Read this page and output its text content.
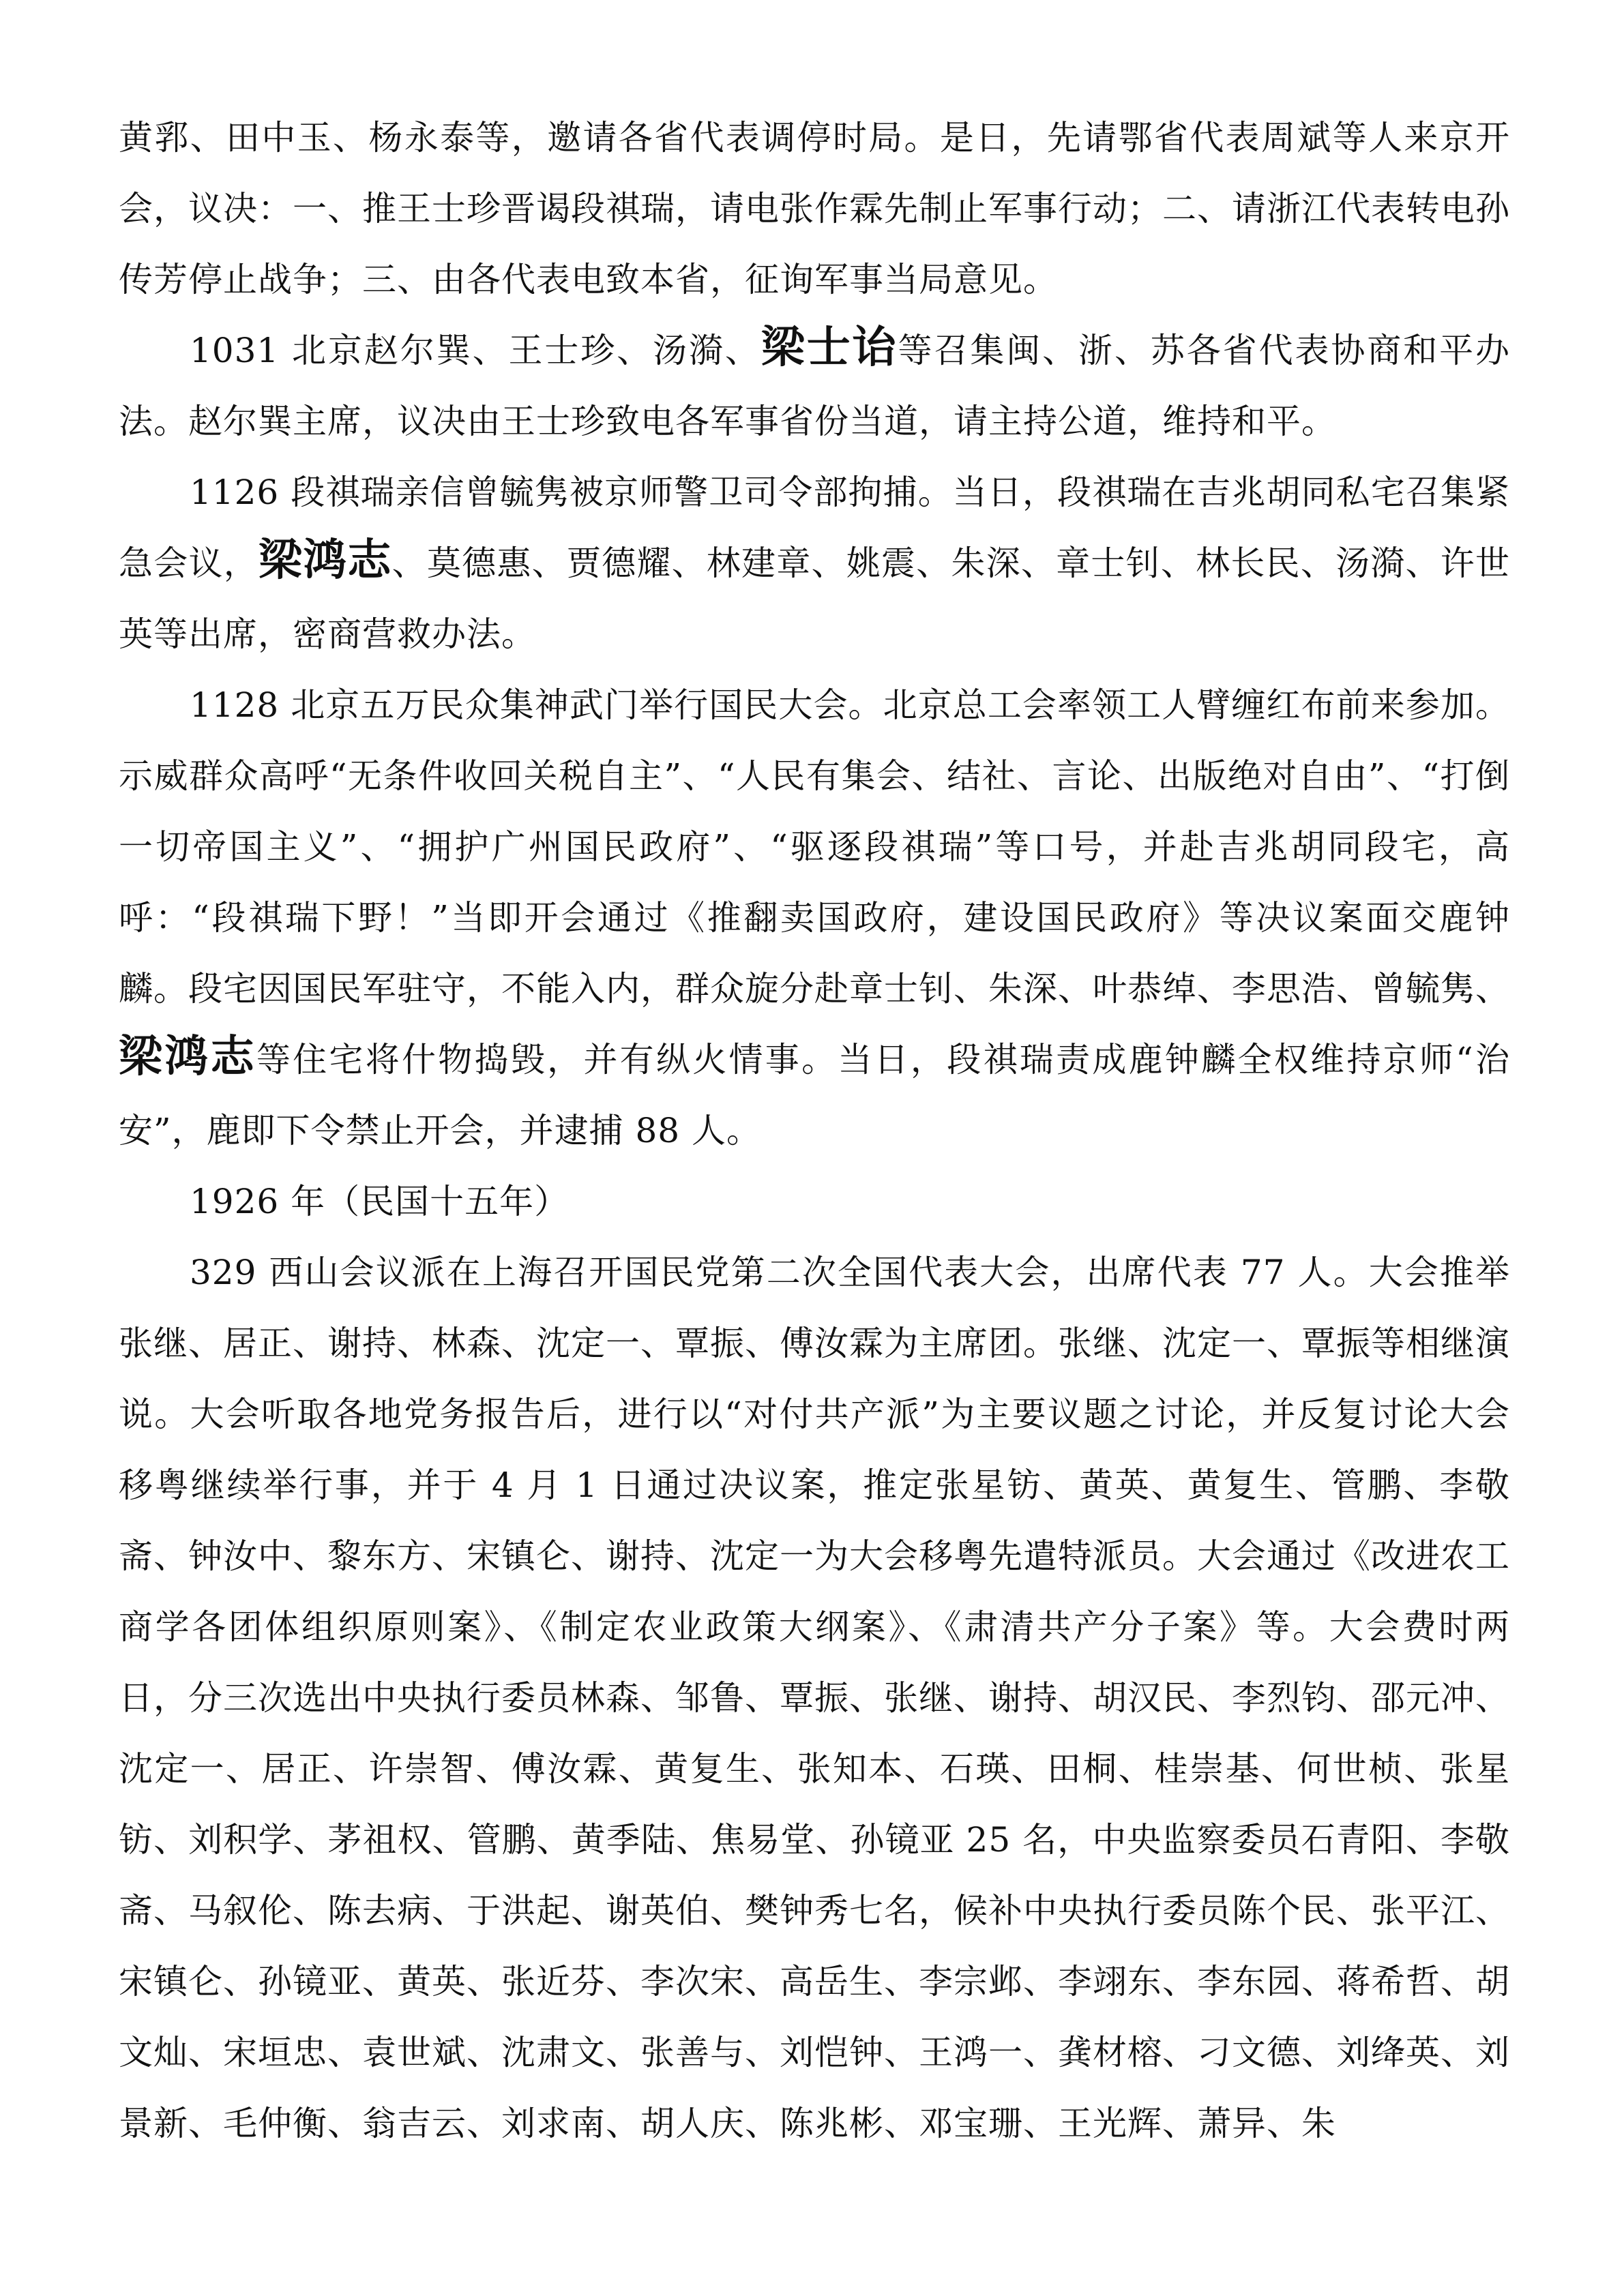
黄郛、田中玉、杨永泰等，邀请各省代表调停时局。是日，先请鄂省代表周斌等人来京开会，议决：一、推王士珍晋谒段祺瑞，请电张作霖先制止军事行动；二、请浙江代表转电孙传芳停止战争；三、由各代表电致本省，征询军事当局意见。

1031 北京赵尔巽、王士珍、汤漪、梁士诒等召集闽、浙、苏各省代表协商和平办法。赵尔巽主席，议决由王士珍致电各军事省份当道，请主持公道，维持和平。

1126 段祺瑞亲信曾毓隽被京师警卫司令部拘捕。当日，段祺瑞在吉兆胡同私宅召集紧急会议，梁鸿志、莫德惠、贾德耀、林建章、姚震、朱深、章士钊、林长民、汤漪、许世英等出席，密商营救办法。

1128 北京五万民众集神武门举行国民大会。北京总工会率领工人臂缠红布前来参加。示威群众高呼“无条件收回关税自主”、“人民有集会、结社、言论、出版绝对自由”、“打倒一切帝国主义”、“拥护广州国民政府”、“驱逐段祺瑞”等口号，并赴吉兆胡同段宅，高呼：“段祺瑞下野！”当即开会通过《推翻卖国政府，建设国民政府》等决议案面交鹿钟麟。段宅因国民军驻守，不能入内，群众旋分赴章士钊、朱深、叶恭绰、李思浩、曾毓隽、梁鸿志等住宅将什物捣毁，并有纵火情事。当日，段祺瑞责成鹿钟麟全权维持京师“治安”，鹿即下令禁止开会，并逮捕 88 人。

1926 年（民国十五年）

329 西山会议派在上海召开国民党第二次全国代表大会，出席代表 77 人。大会推举张继、居正、谢持、林森、沈定一、覃振、傅汝霖为主席团。张继、沈定一、覃振等相继演说。大会听取各地党务报告后，进行以“对付共产派”为主要议题之讨论，并反复讨论大会移粤继续举行事，并于 4 月 1 日通过决议案，推定张星钫、黄英、黄复生、管鹏、李敬斋、钟汝中、黎东方、宋镇仑、谢持、沈定一为大会移粤先遣特派员。大会通过《改进农工商学各团体组织原则案》、《制定农业政策大纲案》、《肃清共产分子案》等。大会费时两日，分三次选出中央执行委员林森、邹鲁、覃振、张继、谢持、胡汉民、李烈钧、邵元冲、沈定一、居正、许崇智、傅汝霖、黄复生、张知本、石瑛、田桐、桂崇基、何世桢、张星钫、刘积学、茅祖权、管鹏、黄季陆、焦易堂、孙镜亚 25 名，中央监察委员石青阳、李敬斋、马叙伦、陈去病、于洪起、谢英伯、樊钟秀七名，候补中央执行委员陈个民、张平江、宋镇仑、孙镜亚、黄英、张近芬、李次宋、高岳生、李宗邺、李翊东、李东园、蒋希哲、胡文灿、宋垣忠、袁世斌、沈肃文、张善与、刘恺钟、王鸿一、龚材榕、刁文德、刘绛英、刘景新、毛仲衡、翁吉云、刘求南、胡人庆、陈兆彬、邓宝珊、王光辉、萧异、朱
